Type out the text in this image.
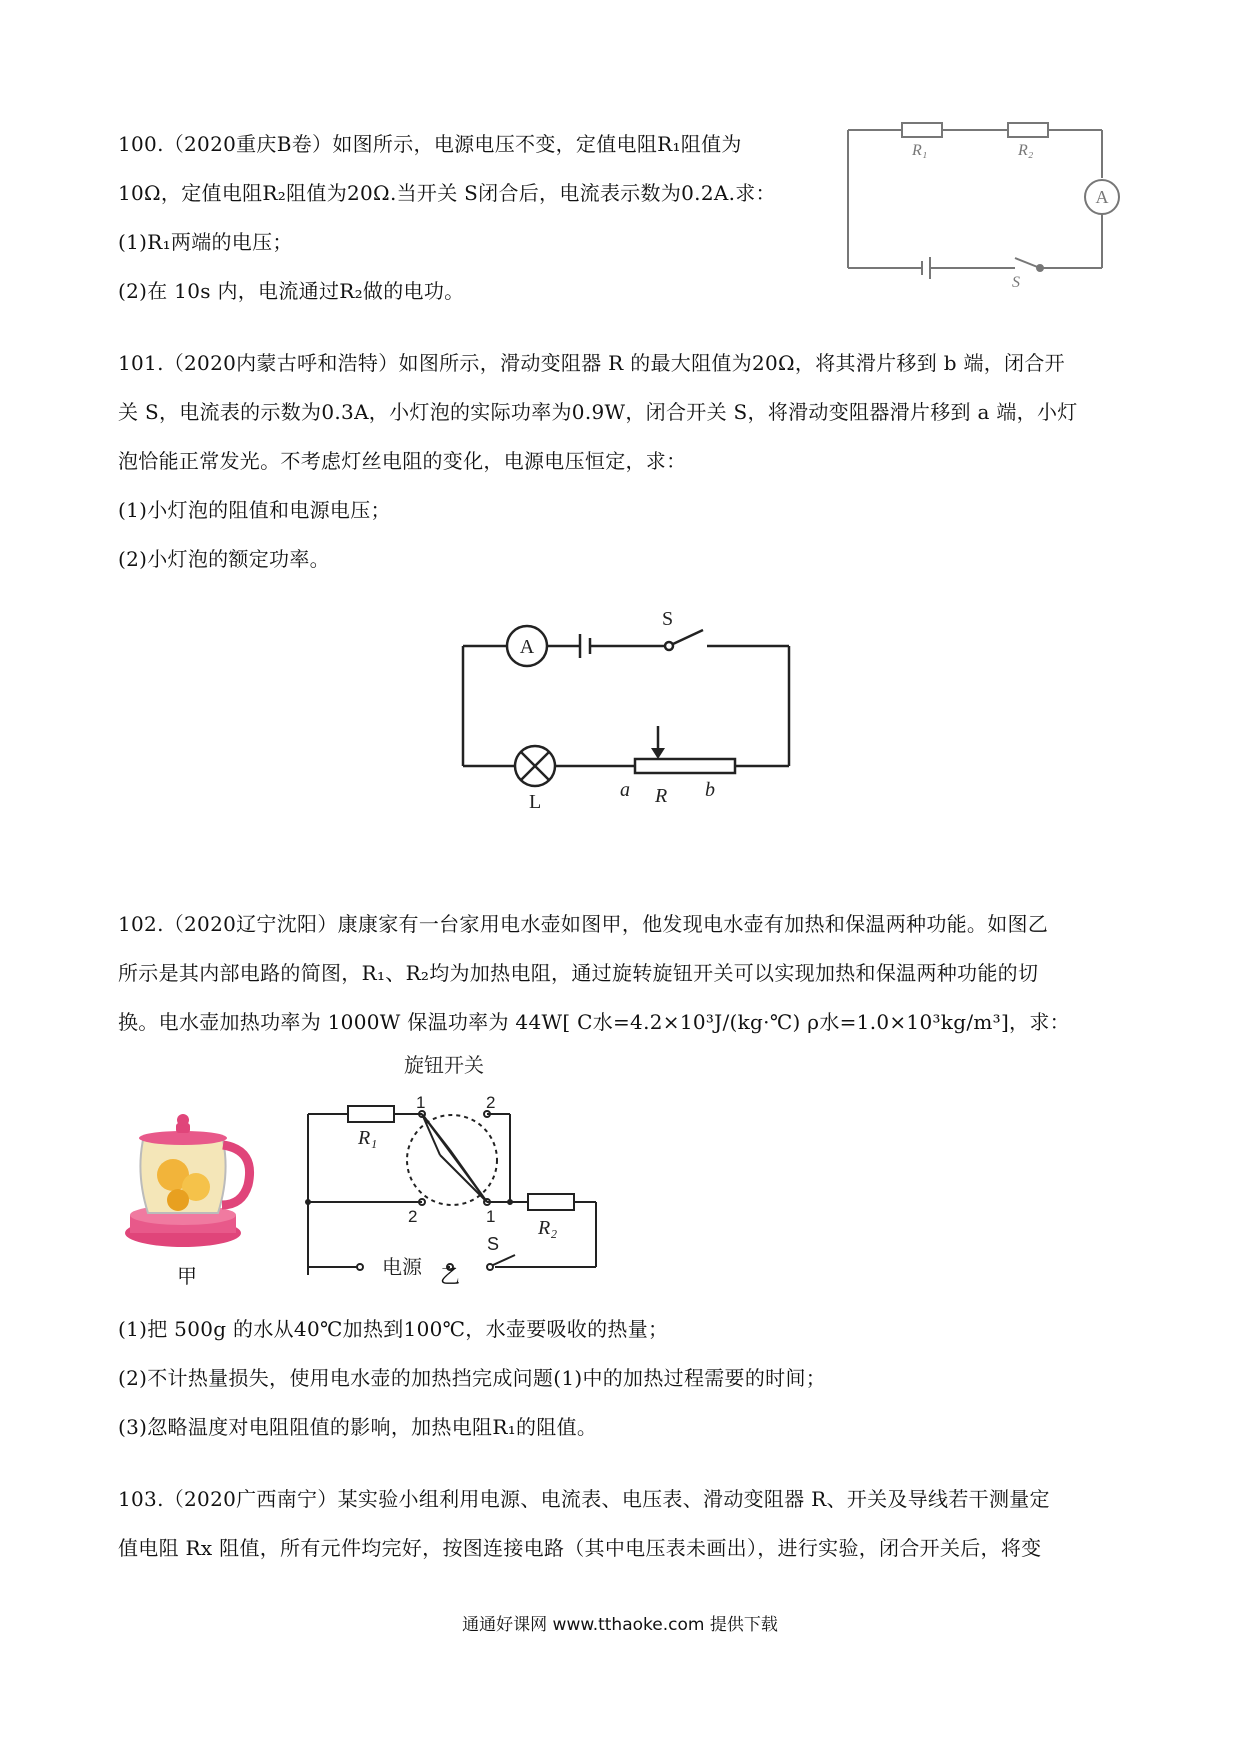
100.（2020重庆B卷）如图所示，电源电压不变，定值电阻R₁阻值为
10Ω，定值电阻R₂阻值为20Ω.当开关 S闭合后，电流表示数为0.2A.求：
(1)R₁两端的电压；
(2)在 10s 内，电流通过R₂做的电功。
R₁	R₂
A
S
101.（2020内蒙古呼和浩特）如图所示，滑动变阻器 R 的最大阻值为20Ω，将其滑片移到 b 端，闭合开
关 S，电流表的示数为0.3A，小灯泡的实际功率为0.9W，闭合开关 S，将滑动变阻器滑片移到 a 端，小灯
泡恰能正常发光。不考虑灯丝电阻的变化，电源电压恒定，求：
(1)小灯泡的阻值和电源电压；
(2)小灯泡的额定功率。
A
S
L
a R b
102.（2020辽宁沈阳）康康家有一台家用电水壶如图甲，他发现电水壶有加热和保温两种功能。如图乙
所示是其内部电路的简图，R₁、R₂均为加热电阻，通过旋转旋钮开关可以实现加热和保温两种功能的切
换。电水壶加热功率为 1000W 保温功率为 44W[ C水=4.2×10³J/(kg·℃) ρ水=1.0×10³kg/m³]，求：
甲
旋钮开关
1	2
2	1
R₁
R₂
电源
S
乙
(1)把 500g 的水从40℃加热到100℃，水壶要吸收的热量；
(2)不计热量损失，使用电水壶的加热挡完成问题(1)中的加热过程需要的时间；
(3)忽略温度对电阻阻值的影响，加热电阻R₁的阻值。
103.（2020广西南宁）某实验小组利用电源、电流表、电压表、滑动变阻器 R、开关及导线若干测量定
值电阻 Rx 阻值，所有元件均完好，按图连接电路（其中电压表未画出），进行实验，闭合开关后，将变
通通好课网 www.tthaoke.com 提供下载
